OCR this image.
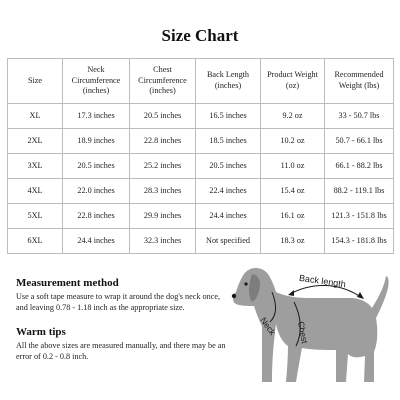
Size Chart
Size	Neck Circumference (inches)	Chest Circumference (inches)	Back Length (inches)	Product Weight (oz)	Recommended Weight (lbs)
XL	17.3 inches	20.5 inches	16.5 inches	9.2 oz	33 - 50.7 lbs
2XL	18.9 inches	22.8 inches	18.5 inches	10.2 oz	50.7 - 66.1 lbs
3XL	20.5 inches	25.2 inches	20.5 inches	11.0 oz	66.1 - 88.2 lbs
4XL	22.0 inches	28.3 inches	22.4 inches	15.4 oz	88.2 - 119.1 lbs
5XL	22.8 inches	29.9 inches	24.4 inches	16.1 oz	121.3 - 151.8 lbs
6XL	24.4 inches	32.3 inches	Not specified	18.3 oz	154.3 - 181.8 lbs
Measurement method
Use a soft tape measure to wrap it around the dog's neck once, and leaving 0.78 - 1.18 inch as the appropriate size.
Warm tips
All the above sizes are measured manually, and there may be an error of 0.2 - 0.8 inch.
Back length
Neck Chest
